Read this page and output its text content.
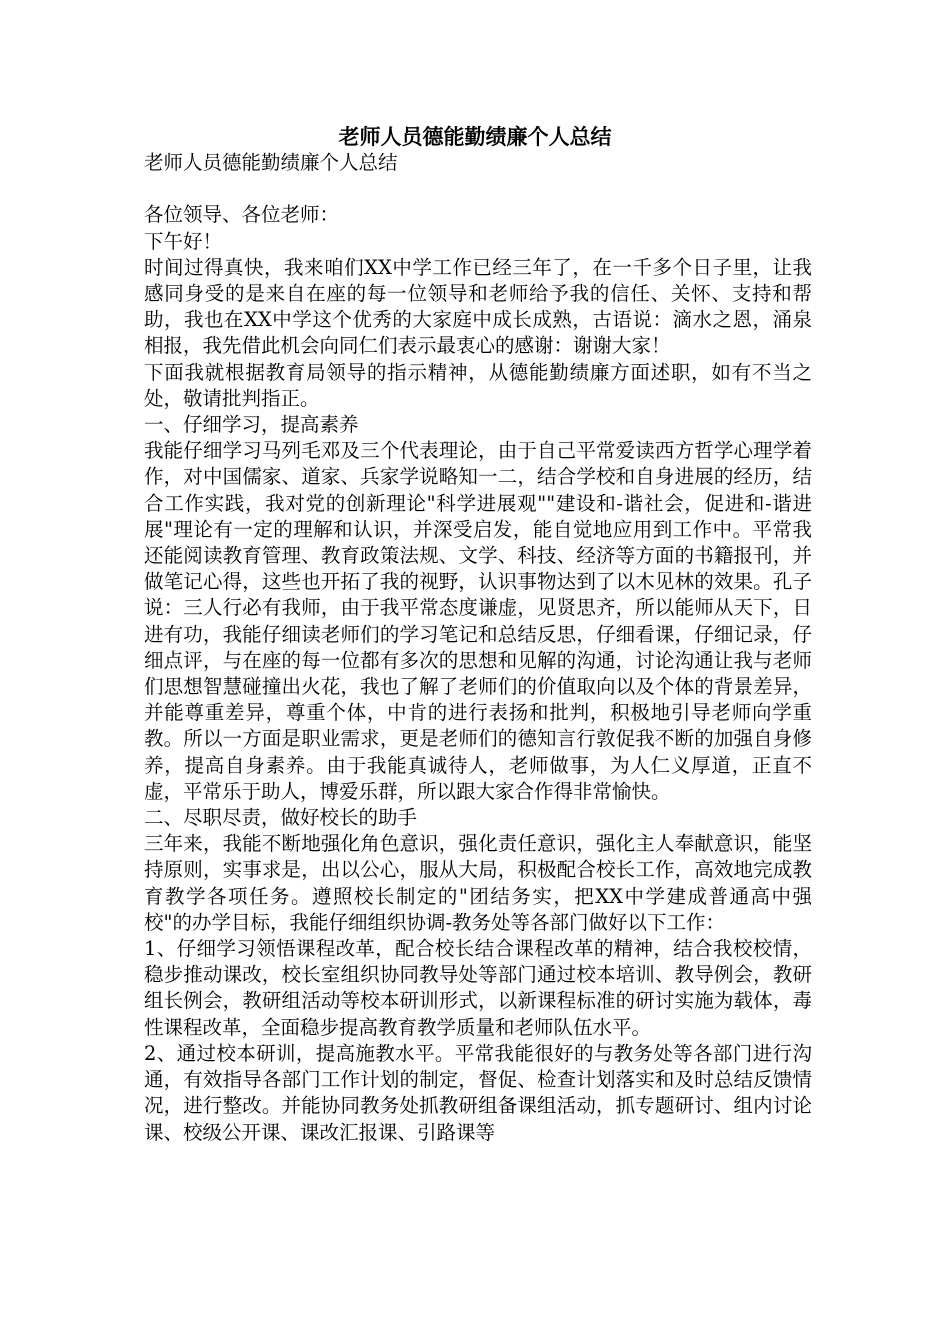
老师人员德能勤绩廉个人总结

老师人员德能勤绩廉个人总结

各位领导、各位老师：

下午好！

时间过得真快，我来咱们XX中学工作已经三年了，在一千多个日子里，让我感同身受的是来自在座的每一位领导和老师给予我的信任、关怀、支持和帮助，我也在XX中学这个优秀的大家庭中成长成熟，古语说：滴水之恩，涌泉相报，我先借此机会向同仁们表示最衷心的感谢：谢谢大家！

下面我就根据教育局领导的指示精神，从德能勤绩廉方面述职，如有不当之处，敬请批判指正。

一、仔细学习，提高素养

我能仔细学习马列毛邓及三个代表理论，由于自己平常爱读西方哲学心理学着作，对中国儒家、道家、兵家学说略知一二，结合学校和自身进展的经历，结合工作实践，我对党的创新理论"科学进展观""建设和-谐社会，促进和-谐进展"理论有一定的理解和认识，并深受启发，能自觉地应用到工作中。平常我还能阅读教育管理、教育政策法规、文学、科技、经济等方面的书籍报刊，并做笔记心得，这些也开拓了我的视野，认识事物达到了以木见林的效果。孔子说：三人行必有我师，由于我平常态度谦虚，见贤思齐，所以能师从天下，日进有功，我能仔细读老师们的学习笔记和总结反思，仔细看课，仔细记录，仔细点评，与在座的每一位都有多次的思想和见解的沟通，讨论沟通让我与老师们思想智慧碰撞出火花，我也了解了老师们的价值取向以及个体的背景差异，并能尊重差异，尊重个体，中肯的进行表扬和批判，积极地引导老师向学重教。所以一方面是职业需求，更是老师们的德知言行敦促我不断的加强自身修养，提高自身素养。由于我能真诚待人，老师做事，为人仁义厚道，正直不虚，平常乐于助人，博爱乐群，所以跟大家合作得非常愉快。

二、尽职尽责，做好校长的助手

三年来，我能不断地强化角色意识，强化责任意识，强化主人奉献意识，能坚持原则，实事求是，出以公心，服从大局，积极配合校长工作，高效地完成教育教学各项任务。遵照校长制定的"团结务实，把XX中学建成普通高中强校"的办学目标，我能仔细组织协调-教务处等各部门做好以下工作：

1、仔细学习领悟课程改革，配合校长结合课程改革的精神，结合我校校情，稳步推动课改，校长室组织协同教导处等部门通过校本培训、教导例会，教研组长例会，教研组活动等校本研训形式，以新课程标准的研讨实施为载体，毒性课程改革，全面稳步提高教育教学质量和老师队伍水平。

2、通过校本研训，提高施教水平。平常我能很好的与教务处等各部门进行沟通，有效指导各部门工作计划的制定，督促、检查计划落实和及时总结反馈情况，进行整改。并能协同教务处抓教研组备课组活动，抓专题研讨、组内讨论课、校级公开课、课改汇报课、引路课等
